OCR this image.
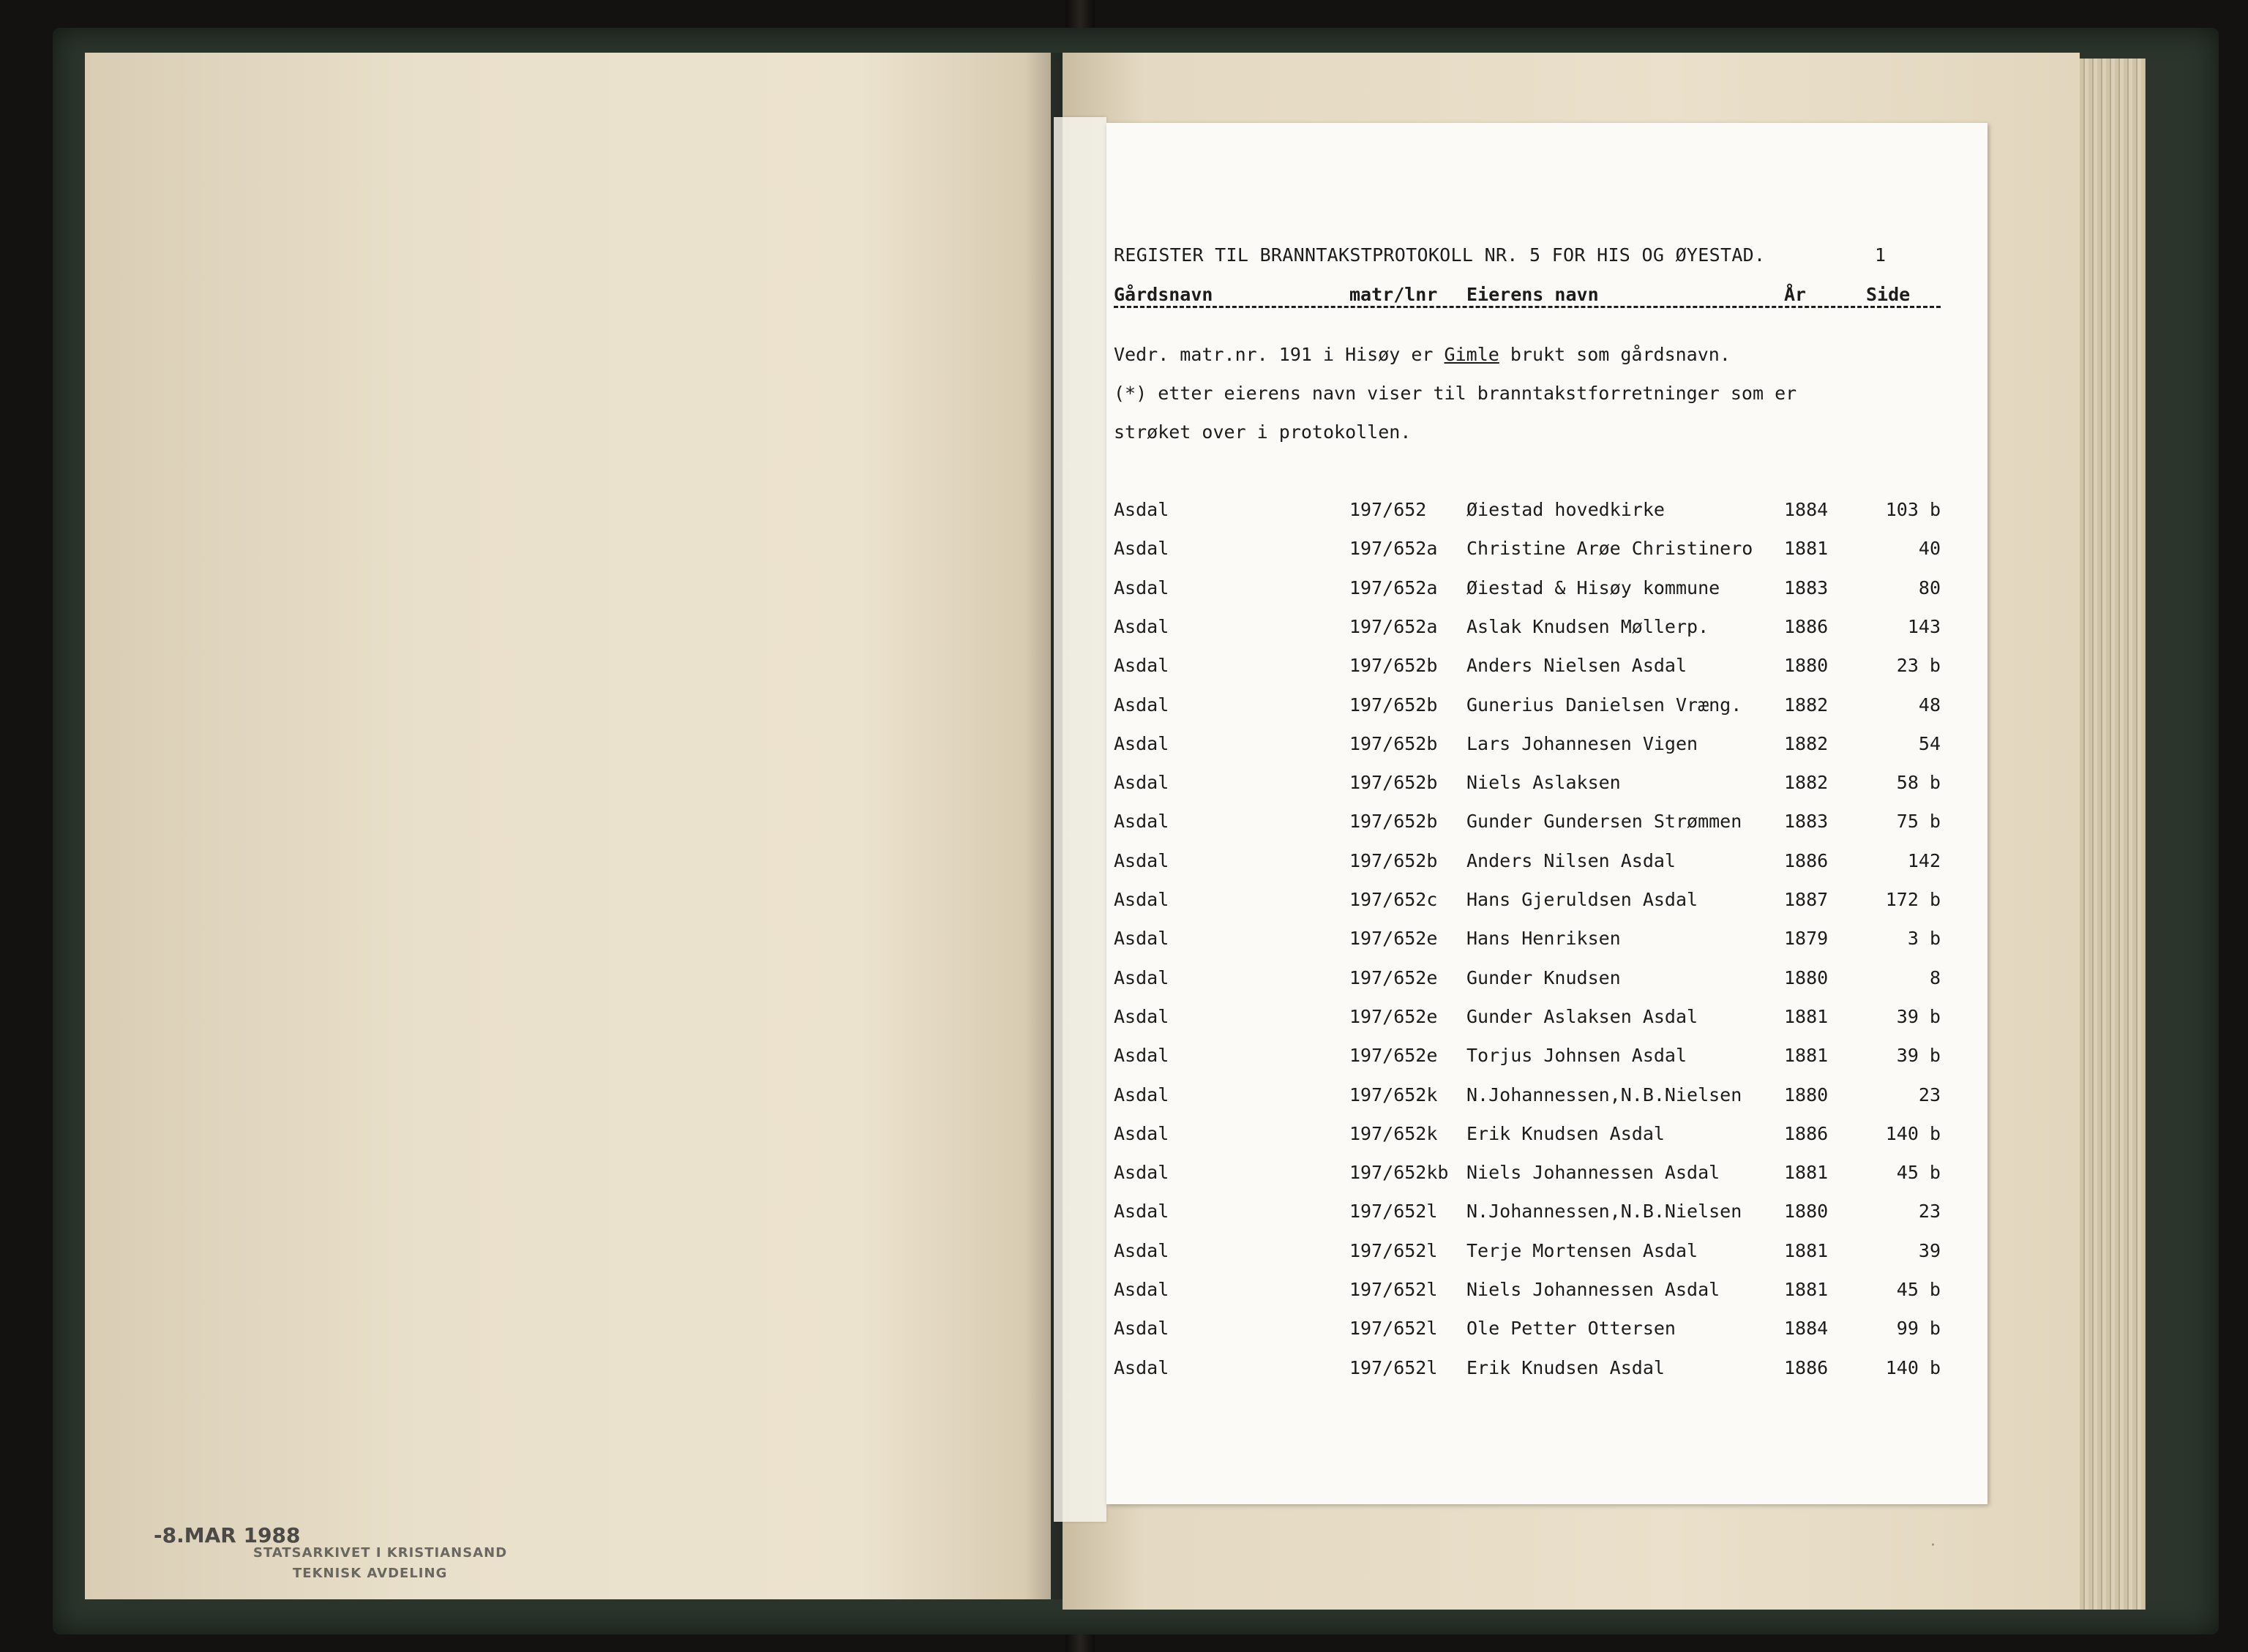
-8.MAR 1988
STATSARKIVET I KRISTIANSAND
TEKNISK AVDELING
REGISTER TIL BRANNTAKSTPROTOKOLL NR. 5 FOR HIS OG ØYESTAD.	1
Gårdsnavn	matr/lnr Eierens navn	År	Side
Vedr. matr.nr. 191 i Hisøy er Gimle brukt som gårdsnavn.
(*) etter eierens navn viser til branntakstforretninger som er
strøket over i protokollen.
Asdal	197/652 Øiestad hovedkirke	1884	103 b
Asdal	197/652a Christine Arøe Christinero 1881	40
Asdal	197/652a Øiestad & Hisøy kommune	1883	80
Asdal	197/652a Aslak Knudsen Møllerp.	1886	143
Asdal	197/652b Anders Nielsen Asdal	1880	23 b
Asdal	197/652b Gunerius Danielsen Vræng. 1882	48
Asdal	197/652b Lars Johannesen Vigen	1882	54
Asdal	197/652b Niels Aslaksen	1882	58 b
Asdal	197/652b Gunder Gundersen Strømmen 1883	75 b
Asdal	197/652b Anders Nilsen Asdal	1886	142
Asdal	197/652c Hans Gjeruldsen Asdal	1887	172 b
Asdal	197/652e Hans Henriksen	1879	3 b
Asdal	197/652e Gunder Knudsen	1880	8
Asdal	197/652e Gunder Aslaksen Asdal	1881	39 b
Asdal	197/652e Torjus Johnsen Asdal	1881	39 b
Asdal	197/652k N.Johannessen,N.B.Nielsen 1880	23
Asdal	197/652k Erik Knudsen Asdal	1886	140 b
Asdal	197/652kb Niels Johannessen Asdal	1881	45 b
Asdal	197/652l N.Johannessen,N.B.Nielsen 1880	23
Asdal	197/652l Terje Mortensen Asdal	1881	39
Asdal	197/652l Niels Johannessen Asdal	1881	45 b
Asdal	197/652l Ole Petter Ottersen	1884	99 b
Asdal	197/652l Erik Knudsen Asdal	1886	140 b
·
